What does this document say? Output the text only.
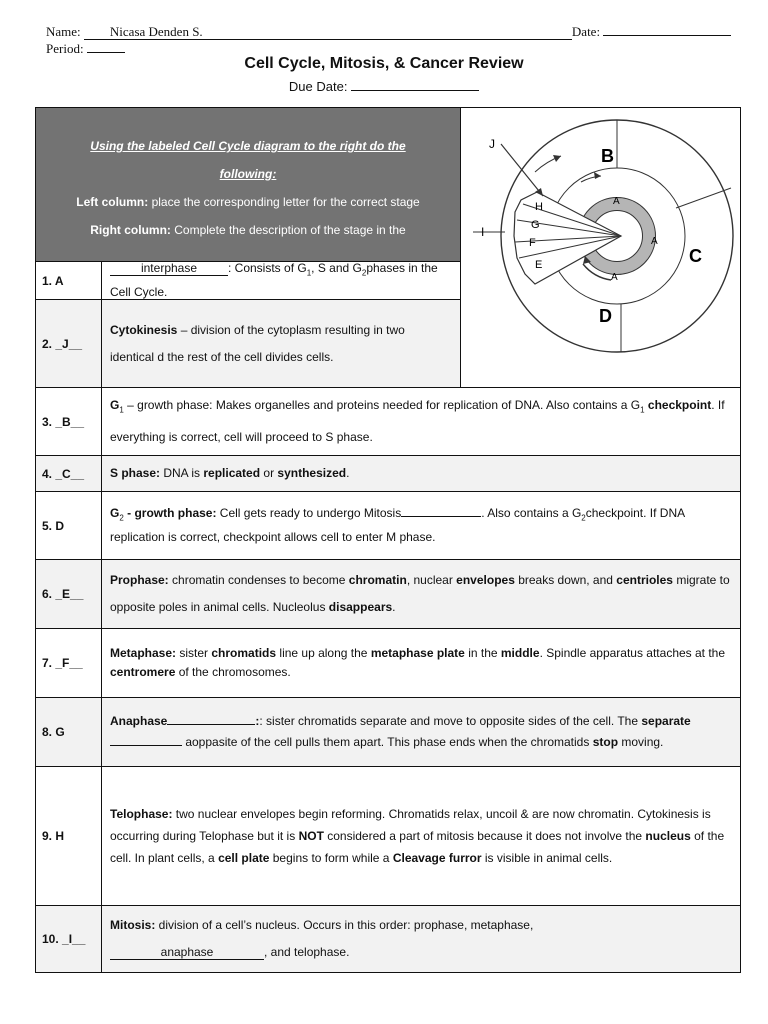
Name: Nicasa Denden S.	Date:
Period:
Cell Cycle, Mitosis, & Cancer Review
Due Date:
Using the labeled Cell Cycle diagram to the right do the
following:
Left column: place the corresponding letter for the correct stage
Right column: Complete the description of the stage in the
J
B
C
D
I
H
G
F
E
A
A
A
1. A
interphase	: Consists of $G_1$, S and $G_2phases$ in the Cell Cycle.
2. _J__
Cytokinesis – division of the cytoplasm resulting in two identical d the rest of the cell divides cells.
3. _B__
$G_1$ – growth phase: Makes organelles and proteins needed for replication of DNA. Also contains a $G_1$ checkpoint. If everything is correct, cell will proceed to S phase.
4. _C__	S phase: DNA is replicated or synthesized.
5. D
$G_2$ - growth phase: Cell gets ready to undergo Mitosis	. Also contains a $G_2checkpoint$. If DNA replication is correct, checkpoint allows cell to enter M phase.
6. _E__
Prophase: chromatin condenses to become chromatin, nuclear envelopes breaks down, and centrioles migrate to opposite poles in animal cells. Nucleolus disappears.
7. _F__
Metaphase: sister chromatids line up along the metaphase plate in the middle. Spindle apparatus attaches at the centromere of the chromosomes.
8. G
Anaphase	:: sister chromatids separate and move to opposite sides of the cell. The separate aoppasite of the cell pulls them apart. This phase ends when the chromatids stop moving.
9. H
Telophase: two nuclear envelopes begin reforming. Chromatids relax, uncoil & are now chromatin. Cytokinesis is occurring during Telophase but it is NOT considered a part of mitosis because it does not involve the nucleus of the cell. In plant cells, a cell plate begins to form while a Cleavage furror is visible in animal cells.
10. _I__
Mitosis: division of a cell’s nucleus. Occurs in this order: prophase, metaphase,
anaphase	, and telophase.
